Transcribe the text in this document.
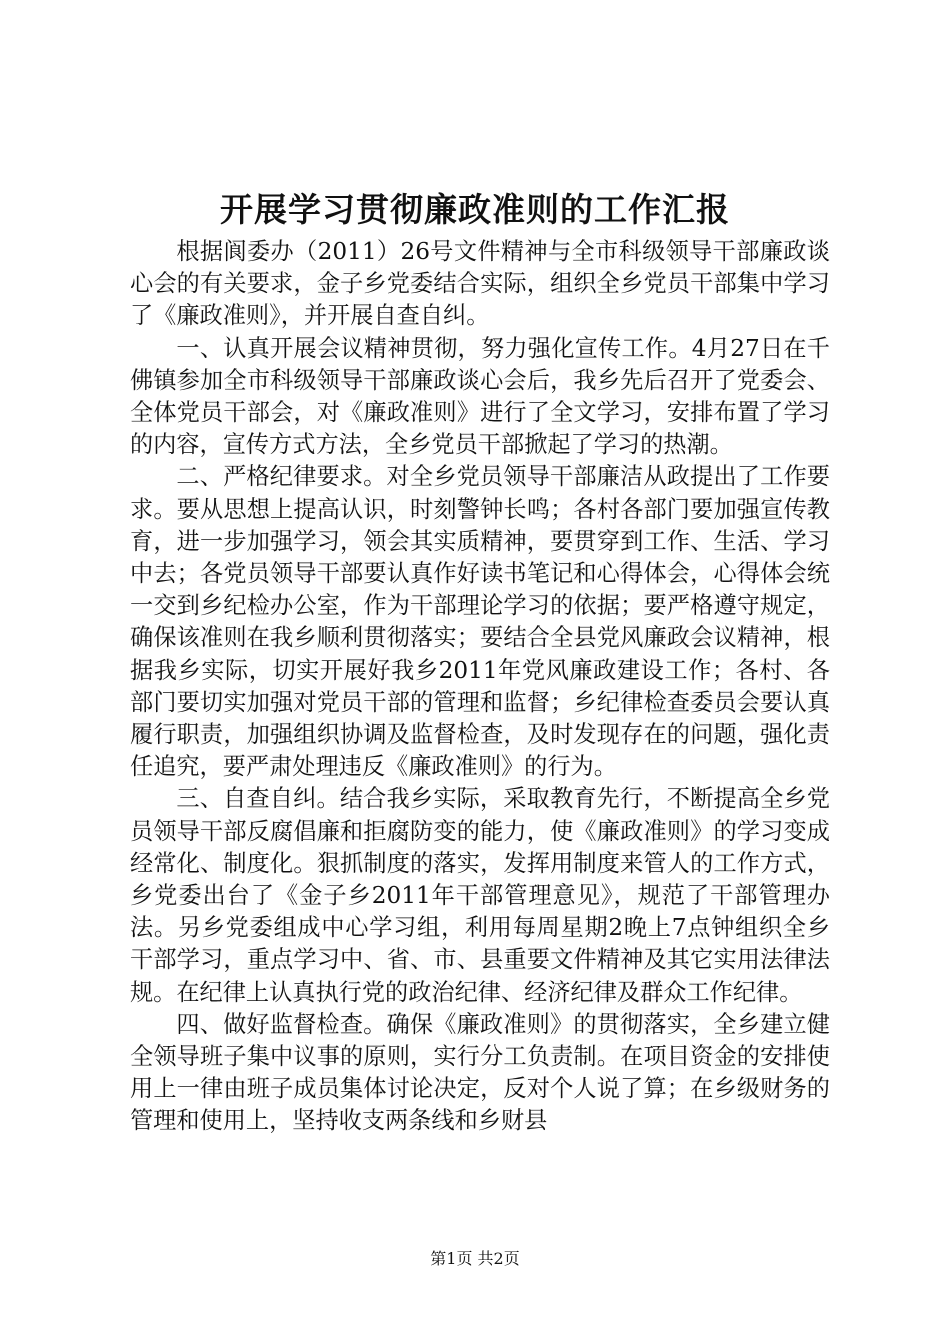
开展学习贯彻廉政准则的工作汇报

根据阆委办（2011）26号文件精神与全市科级领导干部廉政谈心会的有关要求，金子乡党委结合实际，组织全乡党员干部集中学习了《廉政准则》，并开展自查自纠。

一、认真开展会议精神贯彻，努力强化宣传工作。4月27日在千佛镇参加全市科级领导干部廉政谈心会后，我乡先后召开了党委会、全体党员干部会，对《廉政准则》进行了全文学习，安排布置了学习的内容，宣传方式方法，全乡党员干部掀起了学习的热潮。

二、严格纪律要求。对全乡党员领导干部廉洁从政提出了工作要求。要从思想上提高认识，时刻警钟长鸣；各村各部门要加强宣传教育，进一步加强学习，领会其实质精神，要贯穿到工作、生活、学习中去；各党员领导干部要认真作好读书笔记和心得体会，心得体会统一交到乡纪检办公室，作为干部理论学习的依据；要严格遵守规定，确保该准则在我乡顺利贯彻落实；要结合全县党风廉政会议精神，根据我乡实际，切实开展好我乡2011年党风廉政建设工作；各村、各部门要切实加强对党员干部的管理和监督；乡纪律检查委员会要认真履行职责，加强组织协调及监督检查，及时发现存在的问题，强化责任追究，要严肃处理违反《廉政准则》的行为。

三、自查自纠。结合我乡实际，采取教育先行，不断提高全乡党员领导干部反腐倡廉和拒腐防变的能力，使《廉政准则》的学习变成经常化、制度化。狠抓制度的落实，发挥用制度来管人的工作方式，乡党委出台了《金子乡2011年干部管理意见》，规范了干部管理办法。另乡党委组成中心学习组，利用每周星期2晚上7点钟组织全乡干部学习，重点学习中、省、市、县重要文件精神及其它实用法律法规。在纪律上认真执行党的政治纪律、经济纪律及群众工作纪律。

四、做好监督检查。确保《廉政准则》的贯彻落实，全乡建立健全领导班子集中议事的原则，实行分工负责制。在项目资金的安排使用上一律由班子成员集体讨论决定，反对个人说了算；在乡级财务的管理和使用上，坚持收支两条线和乡财县

第1页 共2页
